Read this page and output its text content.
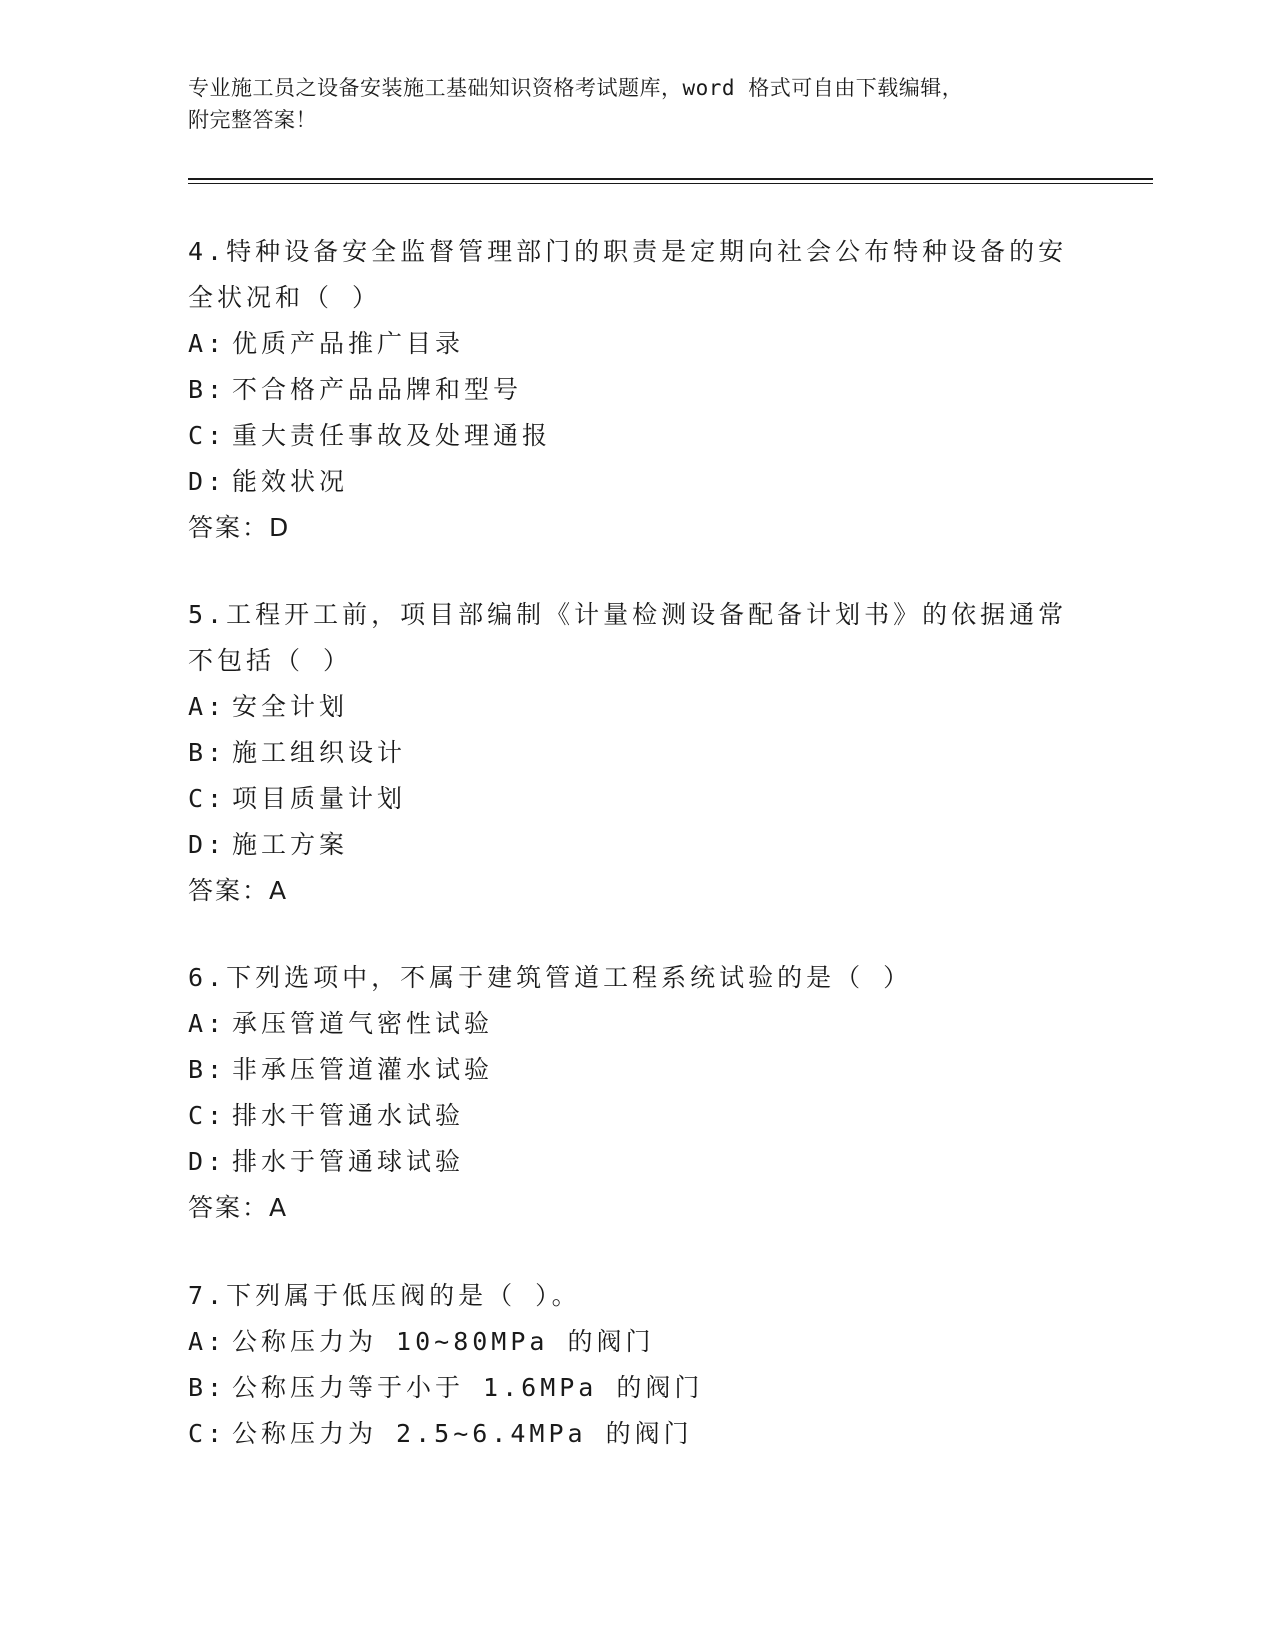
专业施工员之设备安装施工基础知识资格考试题库，word 格式可自由下载编辑，
附完整答案！
4.特种设备安全监督管理部门的职责是定期向社会公布特种设备的安
全状况和（ ）
A: 优质产品推广目录
B: 不合格产品品牌和型号
C: 重大责任事故及处理通报
D: 能效状况
答案：D
5.工程开工前，项目部编制《计量检测设备配备计划书》的依据通常
不包括（ ）
A: 安全计划
B: 施工组织设计
C: 项目质量计划
D: 施工方案
答案：A
6.下列选项中，不属于建筑管道工程系统试验的是（ ）
A: 承压管道气密性试验
B: 非承压管道灌水试验
C: 排水干管通水试验
D: 排水于管通球试验
答案：A
7.下列属于低压阀的是（ ）。
A: 公称压力为 10~80MPa 的阀门
B: 公称压力等于小于 1.6MPa 的阀门
C: 公称压力为 2.5~6.4MPa 的阀门
